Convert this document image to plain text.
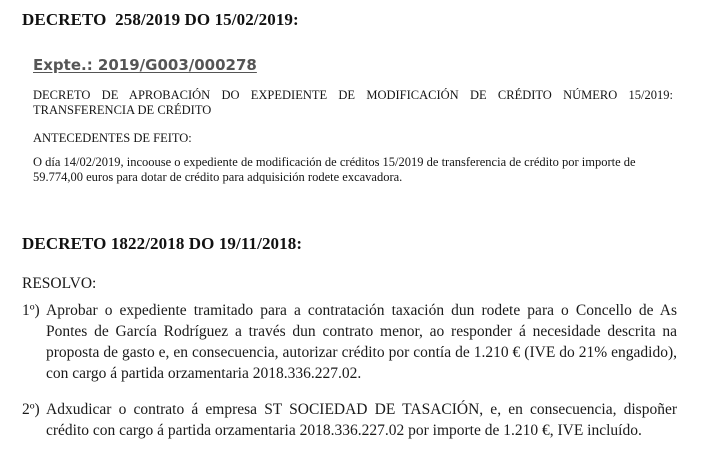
DECRETO  258/2019 DO 15/02/2019:
Expte.: 2019/G003/000278
DECRETO DE APROBACIÓN DO EXPEDIENTE DE MODIFICACIÓN DE CRÉDITO NÚMERO 15/2019: TRANSFERENCIA DE CRÉDITO
ANTECEDENTES DE FEITO:
O día 14/02/2019, incoouse o expediente de modificación de créditos 15/2019 de transferencia de crédito por importe de 59.774,00 euros para dotar de crédito para adquisición rodete excavadora.
DECRETO 1822/2018 DO 19/11/2018:
RESOLVO:
1º) Aprobar o expediente tramitado para a contratación taxación dun rodete para o Concello de As Pontes de García Rodríguez a través dun contrato menor, ao responder á necesidade descrita na proposta de gasto e, en consecuencia, autorizar crédito por contía de 1.210 € (IVE do 21% engadido), con cargo á partida orzamentaria 2018.336.227.02.
2º) Adxudicar o contrato á empresa ST SOCIEDAD DE TASACIÓN, e, en consecuencia, dispoñer crédito con cargo á partida orzamentaria 2018.336.227.02 por importe de 1.210 €, IVE incluído.
